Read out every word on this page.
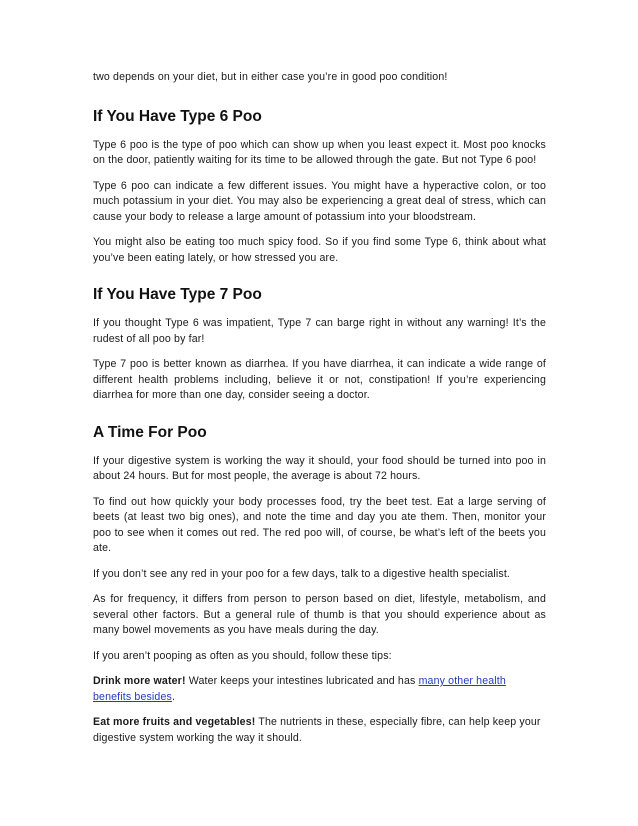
two depends on your diet, but in either case you’re in good poo condition!

If You Have Type 6 Poo

Type 6 poo is the type of poo which can show up when you least expect it. Most poo knocks on the door, patiently waiting for its time to be allowed through the gate. But not Type 6 poo!

Type 6 poo can indicate a few different issues. You might have a hyperactive colon, or too much potassium in your diet. You may also be experiencing a great deal of stress, which can cause your body to release a large amount of potassium into your bloodstream.

You might also be eating too much spicy food. So if you find some Type 6, think about what you’ve been eating lately, or how stressed you are.

If You Have Type 7 Poo

If you thought Type 6 was impatient, Type 7 can barge right in without any warning! It’s the rudest of all poo by far!

Type 7 poo is better known as diarrhea. If you have diarrhea, it can indicate a wide range of different health problems including, believe it or not, constipation! If you’re experiencing diarrhea for more than one day, consider seeing a doctor.

A Time For Poo

If your digestive system is working the way it should, your food should be turned into poo in about 24 hours. But for most people, the average is about 72 hours.

To find out how quickly your body processes food, try the beet test. Eat a large serving of beets (at least two big ones), and note the time and day you ate them. Then, monitor your poo to see when it comes out red. The red poo will, of course, be what’s left of the beets you ate.

If you don’t see any red in your poo for a few days, talk to a digestive health specialist.

As for frequency, it differs from person to person based on diet, lifestyle, metabolism, and several other factors. But a general rule of thumb is that you should experience about as many bowel movements as you have meals during the day.

If you aren’t pooping as often as you should, follow these tips:

Drink more water! Water keeps your intestines lubricated and has many other health benefits besides.

Eat more fruits and vegetables! The nutrients in these, especially fibre, can help keep your digestive system working the way it should.
